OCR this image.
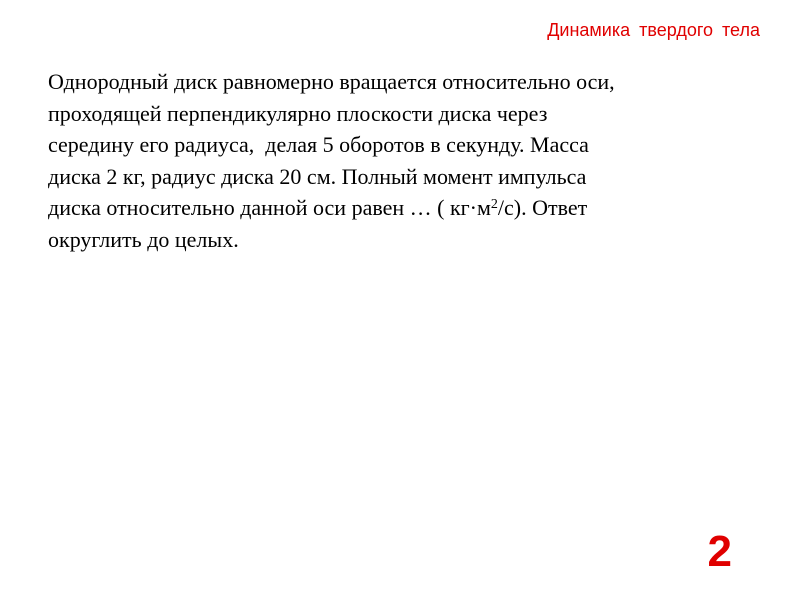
Динамика твердого тела

Однородный диск равномерно вращается относительно оси,
проходящей перпендикулярно плоскости диска через
середину его радиуса,  делая 5 оборотов в секунду. Масса
диска 2 кг, радиус диска 20 см. Полный момент импульса
диска относительно данной оси равен … ( $кг\cdot м^2/с$). Ответ
округлить до целых.

2
